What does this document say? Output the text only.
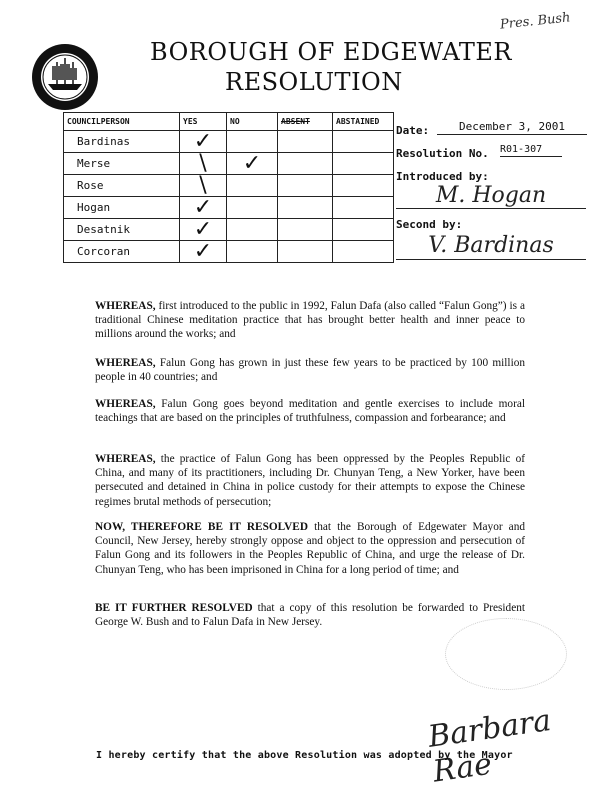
BOROUGH OF EDGEWATER
RESOLUTION
Pres. Bush
COUNCILPERSON	YES	NO	ABSENT	ABSTAINED
Bardinas	✓			

Merse	\	✓		

Rose	\			

Hogan	✓			

Desatnik	✓			

Corcoran	✓			

Date:	December 3, 2001
Resolution No. R01-307
Introduced by:
M. Hogan
Second by:
V. Bardinas
WHEREAS, first introduced to the public in 1992, Falun Dafa (also called “Falun Gong”) is a traditional Chinese meditation practice that has brought better health and inner peace to millions around the works; and
WHEREAS, Falun Gong has grown in just these few years to be practiced by 100 million people in 40 countries; and
WHEREAS, Falun Gong goes beyond meditation and gentle exercises to include moral teachings that are based on the principles of truthfulness, compassion and forbearance; and
WHEREAS, the practice of Falun Gong has been oppressed by the Peoples Republic of China, and many of its practitioners, including Dr. Chunyan Teng, a New Yorker, have been persecuted and detained in China in police custody for their attempts to expose the Chinese regimes brutal methods of persecution;
NOW, THEREFORE BE IT RESOLVED that the Borough of Edgewater Mayor and Council, New Jersey, hereby strongly oppose and object to the oppression and persecution of Falun Gong and its followers in the Peoples Republic of China, and urge the release of Dr. Chunyan Teng, who has been imprisoned in China for a long period of time; and
BE IT FURTHER RESOLVED that a copy of this resolution be forwarded to President George W. Bush and to Falun Dafa in New Jersey.
Barbara Rae
I hereby certify that the above Resolution was adopted by the Mayor
